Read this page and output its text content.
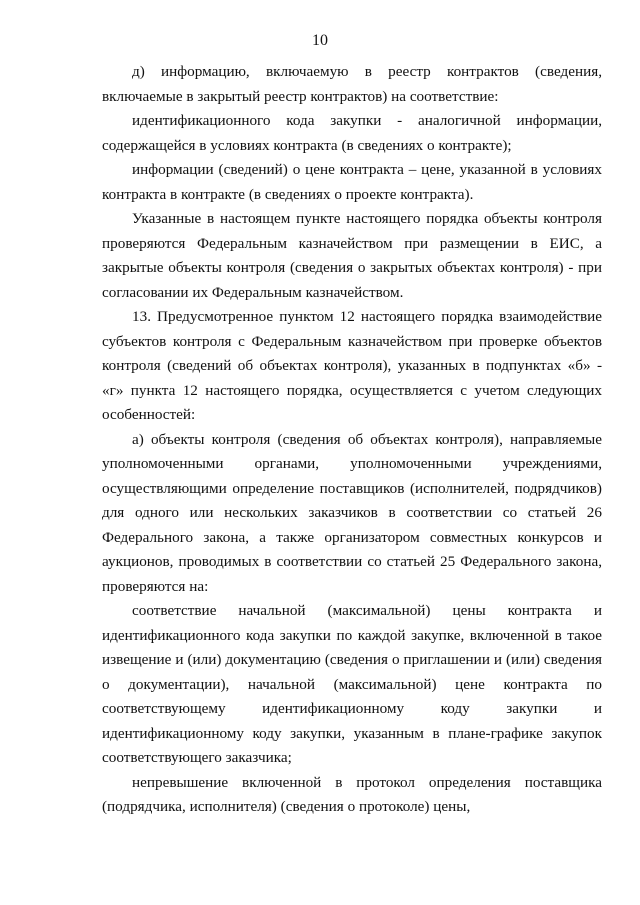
10

д) информацию, включаемую в реестр контрактов (сведения, включаемые в закрытый реестр контрактов) на соответствие:

идентификационного кода закупки - аналогичной информации, содержащейся в условиях контракта (в сведениях о контракте);

информации (сведений) о цене контракта – цене, указанной в условиях контракта в контракте (в сведениях о проекте контракта).

Указанные в настоящем пункте настоящего порядка объекты контроля проверяются Федеральным казначейством при размещении в ЕИС, а закрытые объекты контроля (сведения о закрытых объектах контроля) - при согласовании их Федеральным казначейством.

13. Предусмотренное пунктом 12 настоящего порядка взаимодействие субъектов контроля с Федеральным казначейством при проверке объектов контроля (сведений об объектах контроля), указанных в подпунктах «б» - «г» пункта 12 настоящего порядка, осуществляется с учетом следующих особенностей:

а) объекты контроля (сведения об объектах контроля), направляемые уполномоченными органами, уполномоченными учреждениями, осуществляющими определение поставщиков (исполнителей, подрядчиков) для одного или нескольких заказчиков в соответствии со статьей 26 Федерального закона, а также организатором совместных конкурсов и аукционов, проводимых в соответствии со статьей 25 Федерального закона, проверяются на:

соответствие начальной (максимальной) цены контракта и идентификационного кода закупки по каждой закупке, включенной в такое извещение и (или) документацию (сведения о приглашении и (или) сведения о документации), начальной (максимальной) цене контракта по соответствующему идентификационному коду закупки и идентификационному коду закупки, указанным в плане-графике закупок соответствующего заказчика;

непревышение включенной в протокол определения поставщика (подрядчика, исполнителя) (сведения о протоколе) цены,
